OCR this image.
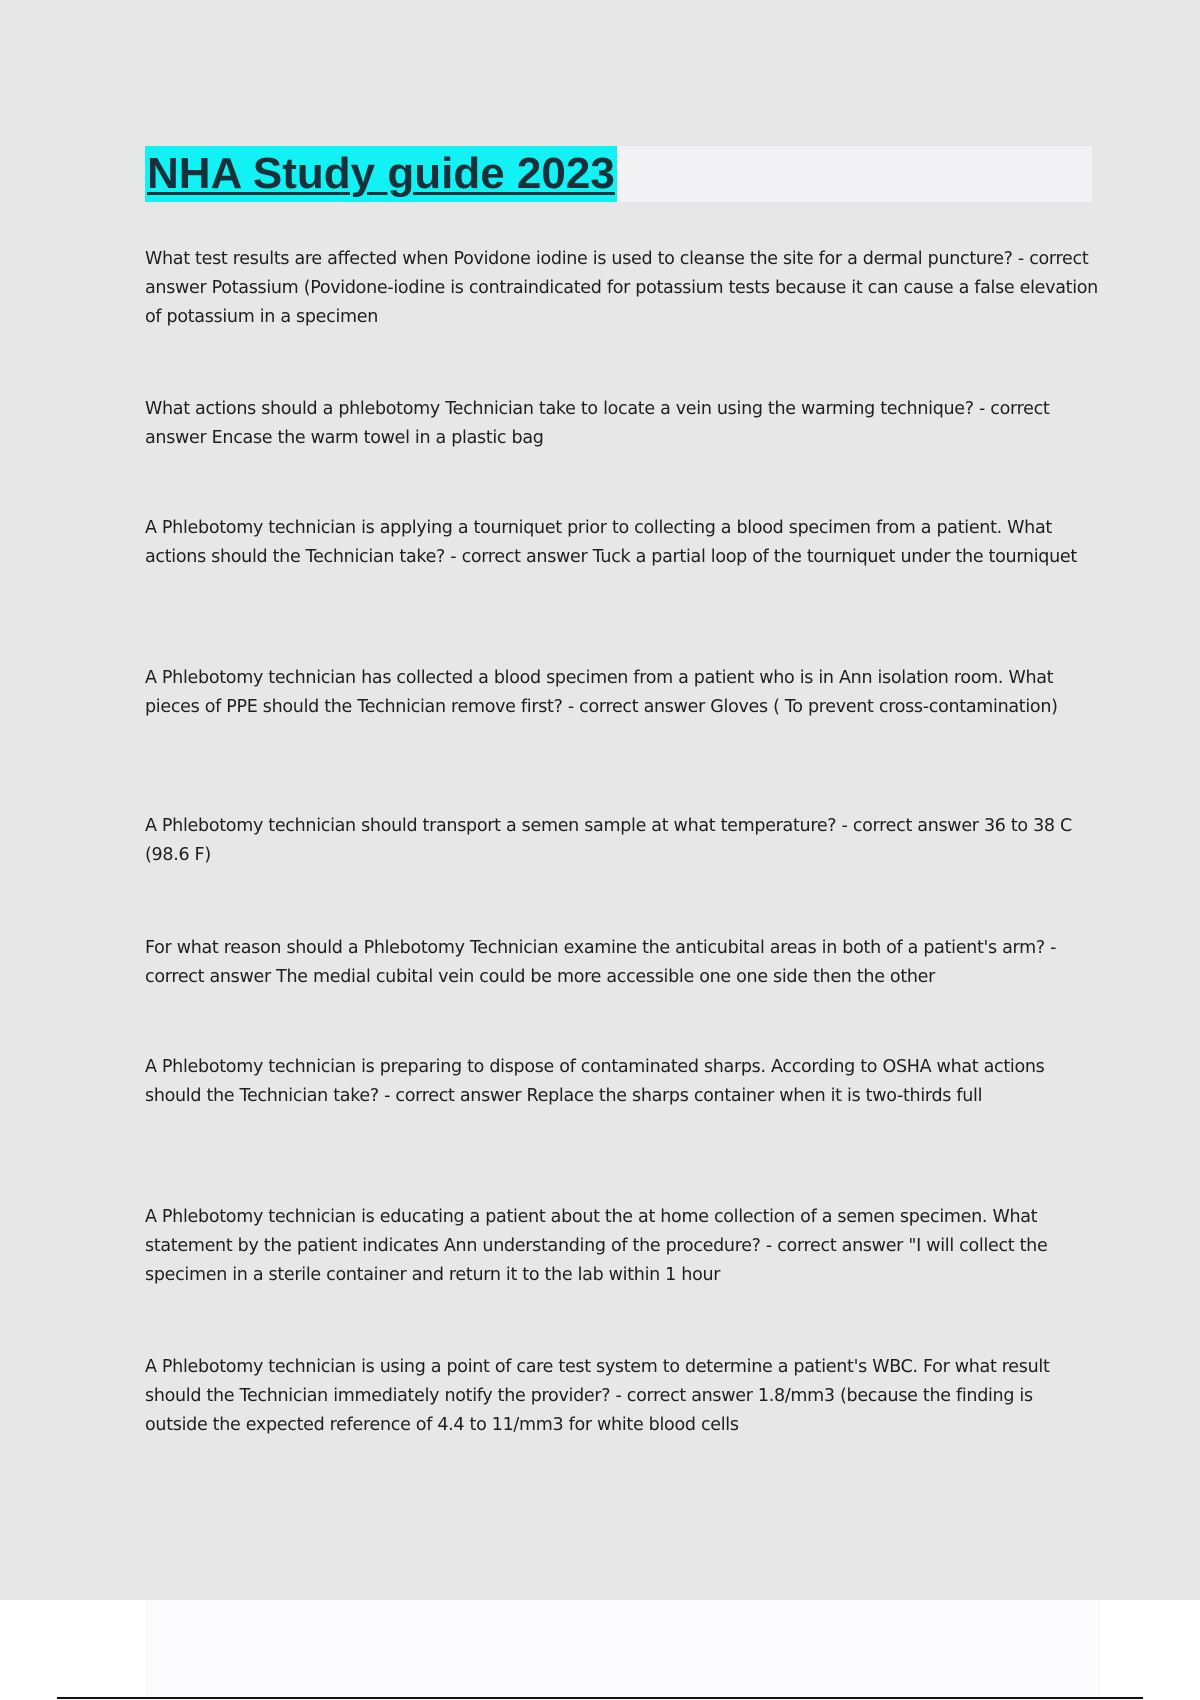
NHA Study guide 2023

What test results are affected when Povidone iodine is used to cleanse the site for a dermal puncture? - correct answer Potassium (Povidone-iodine is contraindicated for potassium tests because it can cause a false elevation of potassium in a specimen

What actions should a phlebotomy Technician take to locate a vein using the warming technique? - correct answer Encase the warm towel in a plastic bag

A Phlebotomy technician is applying a tourniquet prior to collecting a blood specimen from a patient. What actions should the Technician take? - correct answer Tuck a partial loop of the tourniquet under the tourniquet

A Phlebotomy technician has collected a blood specimen from a patient who is in Ann isolation room. What pieces of PPE should the Technician remove first? - correct answer Gloves ( To prevent cross-contamination)

A Phlebotomy technician should transport a semen sample at what temperature? - correct answer 36 to 38 C (98.6 F)

For what reason should a Phlebotomy Technician examine the anticubital areas in both of a patient's arm? - correct answer The medial cubital vein could be more accessible one one side then the other

A Phlebotomy technician is preparing to dispose of contaminated sharps. According to OSHA what actions should the Technician take? - correct answer Replace the sharps container when it is two-thirds full

A Phlebotomy technician is educating a patient about the at home collection of a semen specimen. What statement by the patient indicates Ann understanding of the procedure? - correct answer "I will collect the specimen in a sterile container and return it to the lab within 1 hour

A Phlebotomy technician is using a point of care test system to determine a patient's WBC. For what result should the Technician immediately notify the provider? - correct answer 1.8/mm3 (because the finding is outside the expected reference of 4.4 to 11/mm3 for white blood cells
